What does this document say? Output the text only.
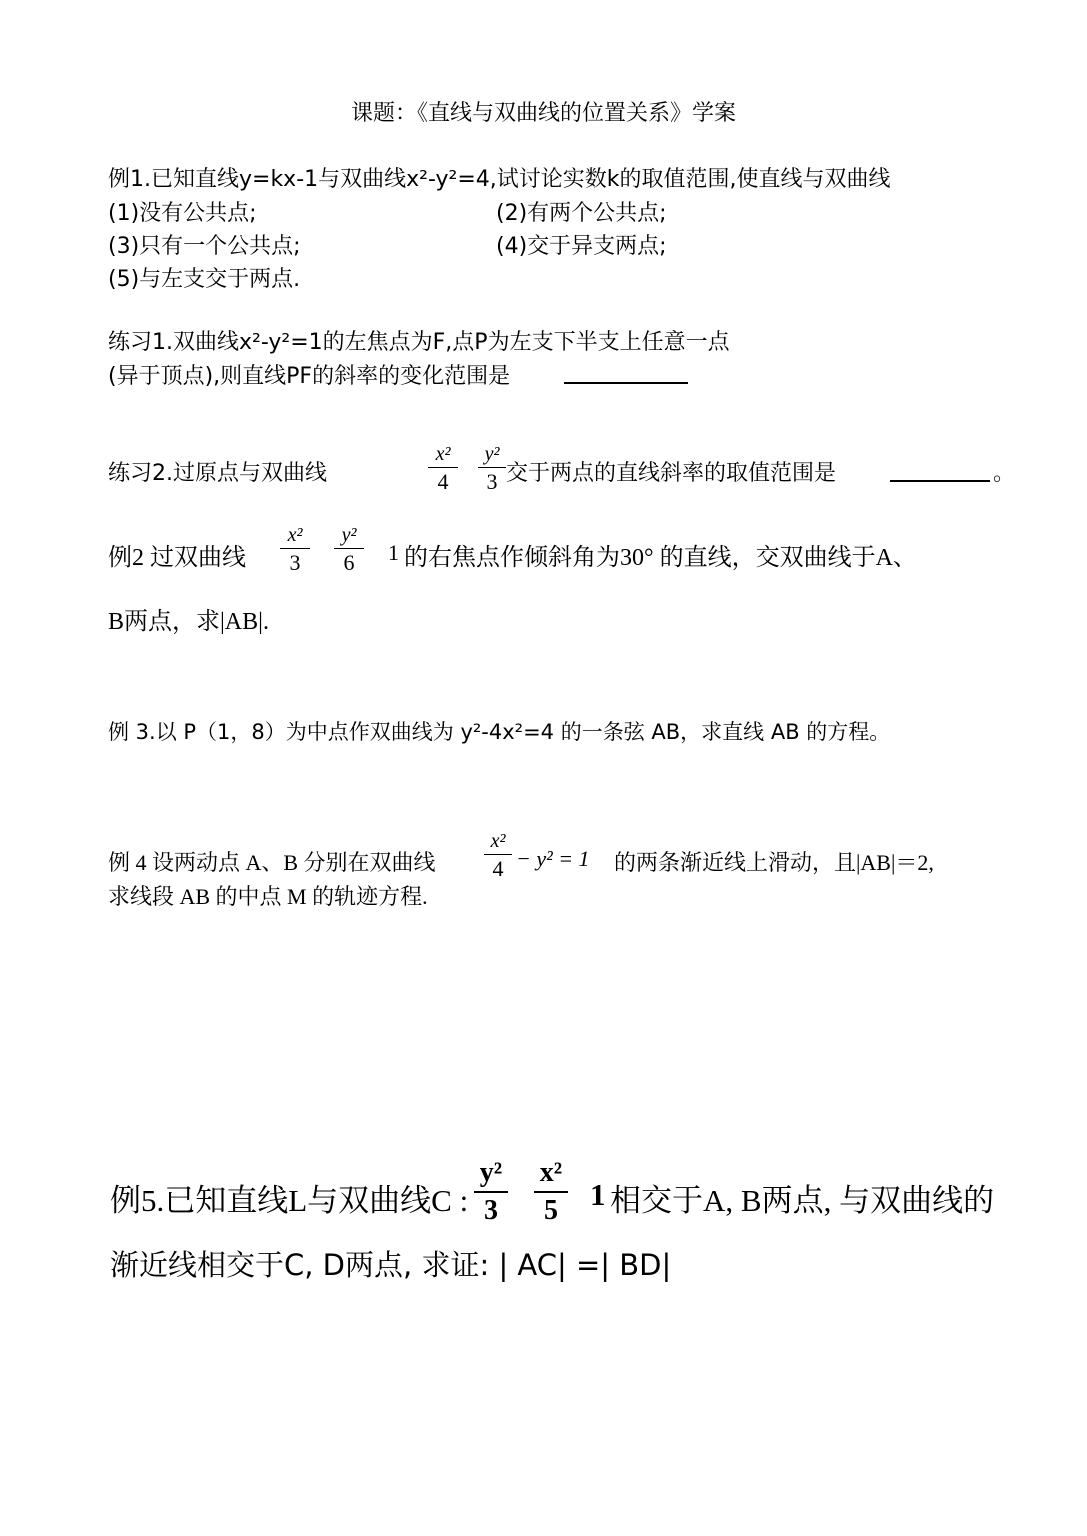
课题：《直线与双曲线的位置关系》学案
例1.已知直线y=kx-1与双曲线x²-y²=4,试讨论实数k的取值范围,使直线与双曲线
(1)没有公共点;	(2)有两个公共点;
(3)只有一个公共点;	(4)交于异支两点;
(5)与左支交于两点.
练习1.双曲线x²-y²=1的左焦点为F,点P为左支下半支上任意一点
(异于顶点),则直线PF的斜率的变化范围是
练习2.过原点与双曲线
x²
4
y²
3 交于两点的直线斜率的取值范围是	。
例2 过双曲线
x²
3
y²
6	1 的右焦点作倾斜角为30° 的直线，交双曲线于A、
B两点，求|AB|.
例 3.以 P（1，8）为中点作双曲线为 y²-4x²=4 的一条弦 AB，求直线 AB 的方程。
例 4 设两动点 A、B 分别在双曲线
x²
4 − y² = 1 的两条渐近线上滑动，且|AB|＝2,
求线段 AB 的中点 M 的轨迹方程.
例5.已知直线L与双曲线C :
y²
3
x²
5	1 相交于A, B两点, 与双曲线的
渐近线相交于C, D两点, 求证: | AC| =| BD|
